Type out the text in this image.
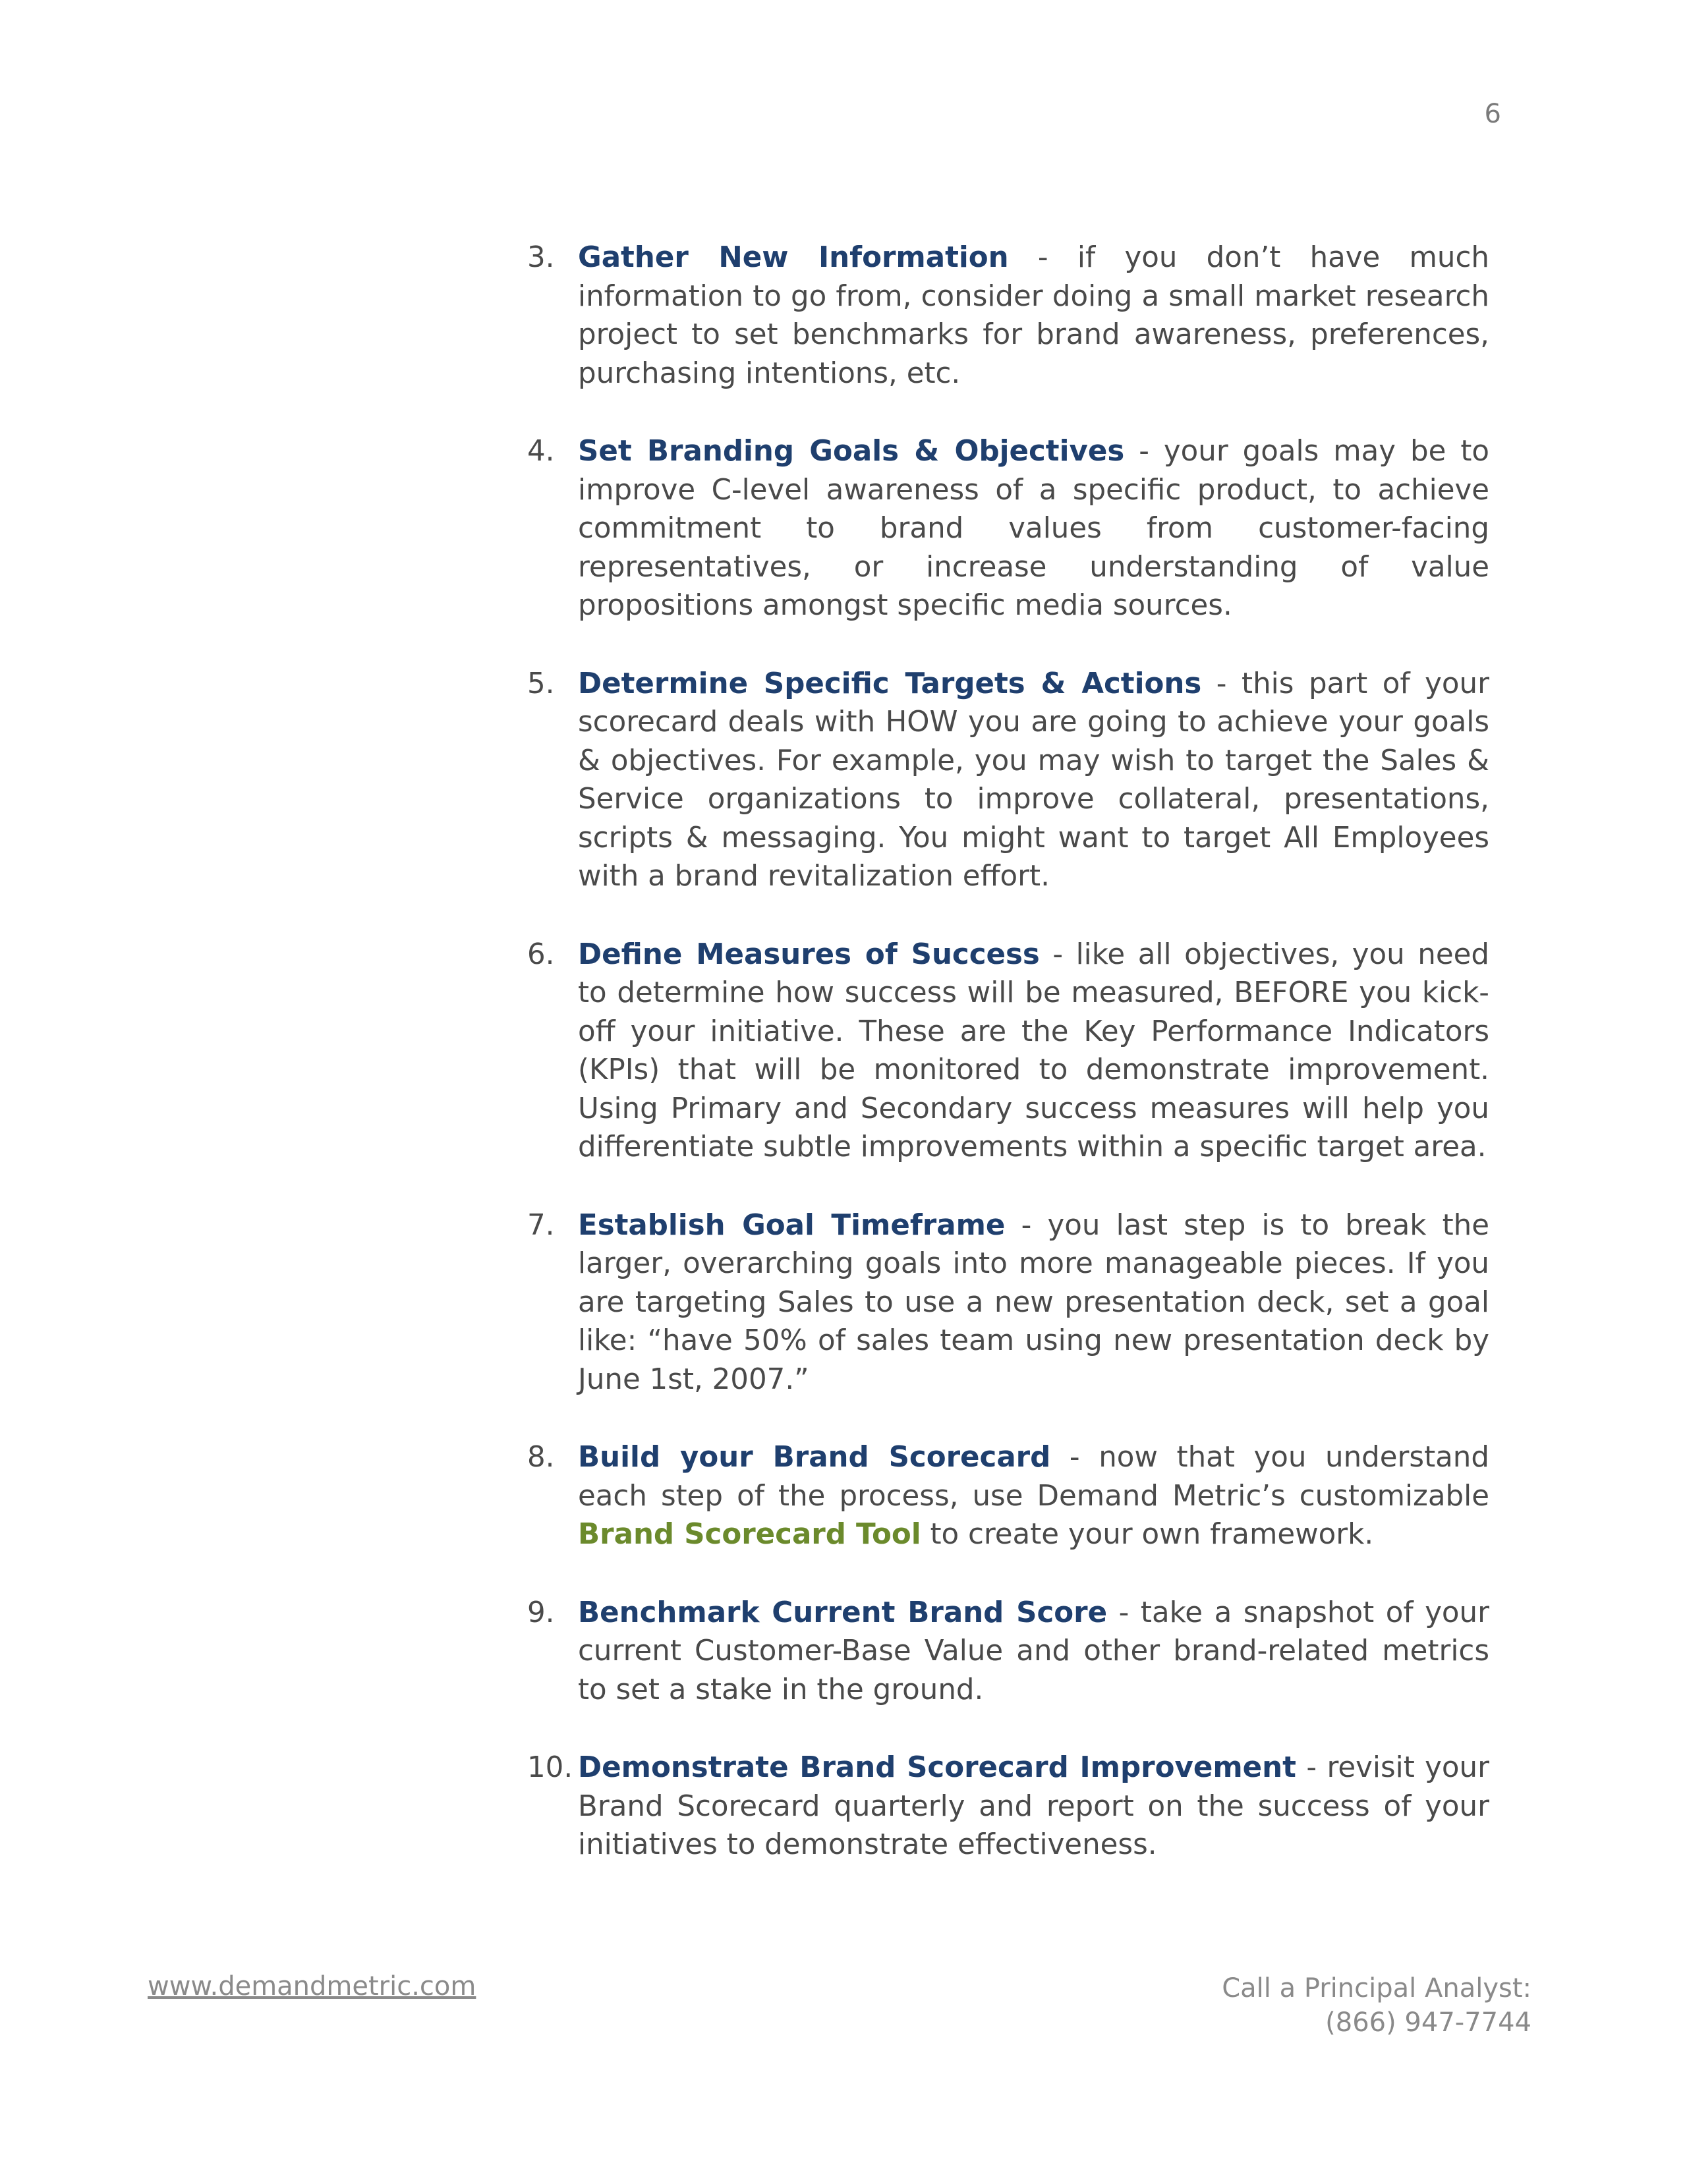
6
3. Gather New Information - if you don’t have much information to go from, consider doing a small market research project to set benchmarks for brand awareness, preferences, purchasing intentions, etc.
4. Set Branding Goals & Objectives - your goals may be to improve C-level awareness of a specific product, to achieve commitment to brand values from customer-facing representatives, or increase understanding of value propositions amongst specific media sources.
5. Determine Specific Targets & Actions - this part of your scorecard deals with HOW you are going to achieve your goals & objectives. For example, you may wish to target the Sales & Service organizations to improve collateral, presentations, scripts & messaging. You might want to target All Employees with a brand revitalization effort.
6. Define Measures of Success - like all objectives, you need to determine how success will be measured, BEFORE you kick-off your initiative. These are the Key Performance Indicators (KPIs) that will be monitored to demonstrate improvement. Using Primary and Secondary success measures will help you differentiate subtle improvements within a specific target area.
7. Establish Goal Timeframe - you last step is to break the larger, overarching goals into more manageable pieces. If you are targeting Sales to use a new presentation deck, set a goal like: “have 50% of sales team using new presentation deck by June 1st, 2007.”
8. Build your Brand Scorecard - now that you understand each step of the process, use Demand Metric’s customizable Brand Scorecard Tool to create your own framework.
9. Benchmark Current Brand Score - take a snapshot of your current Customer-Base Value and other brand-related metrics to set a stake in the ground.
10. Demonstrate Brand Scorecard Improvement - revisit your Brand Scorecard quarterly and report on the success of your initiatives to demonstrate effectiveness.
www.demandmetric.com	Call a Principal Analyst:
(866) 947-7744
